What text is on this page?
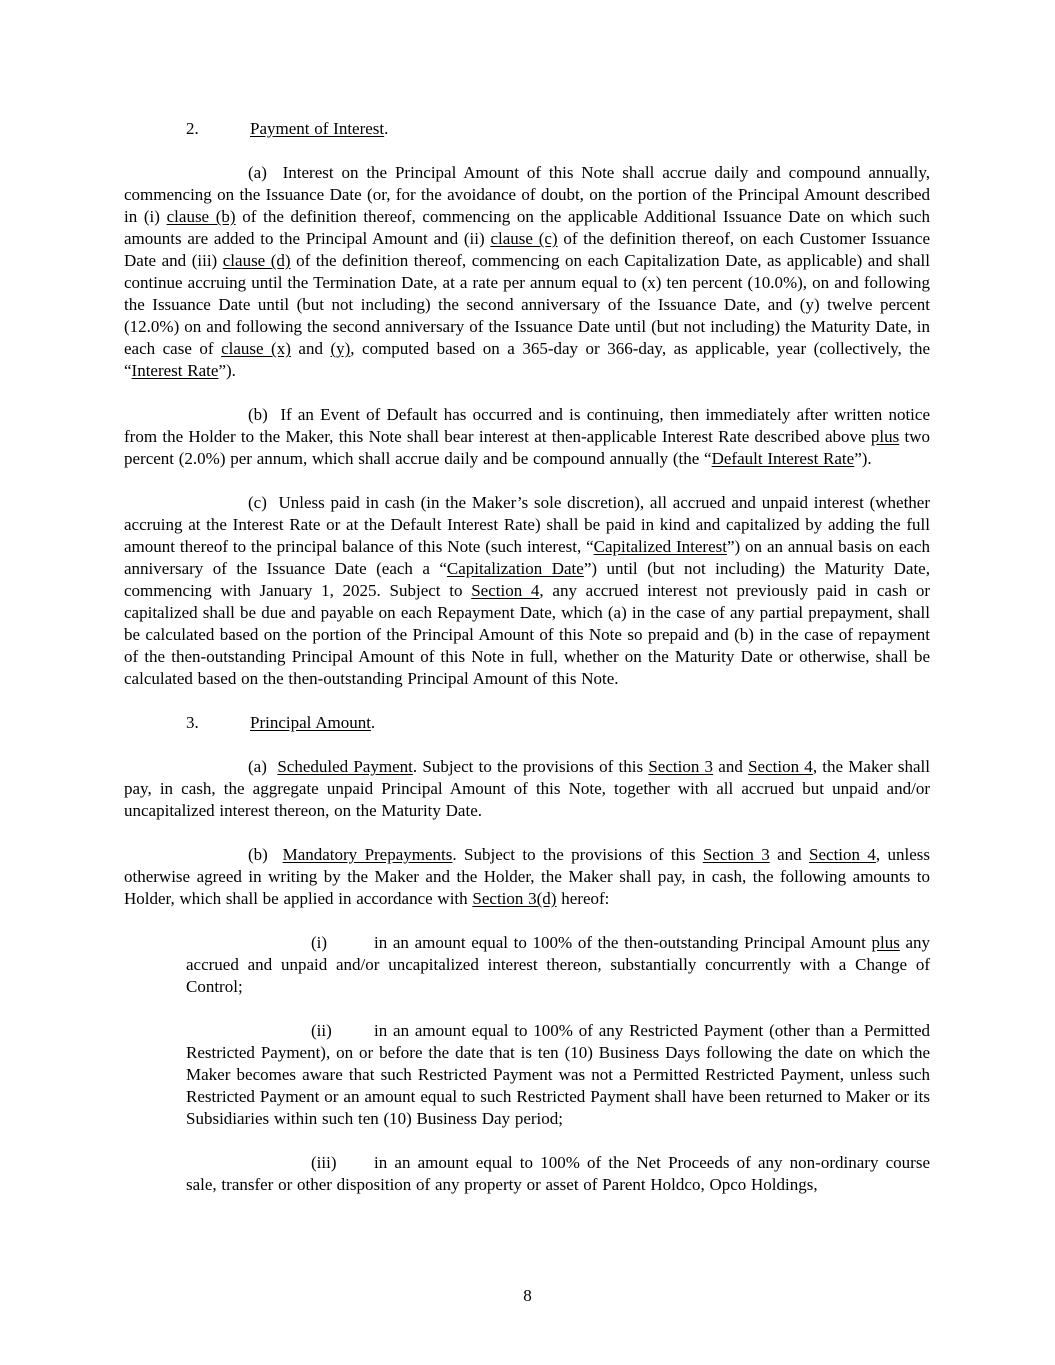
2.	Payment of Interest.

(a)  Interest on the Principal Amount of this Note shall accrue daily and compound annually, commencing on the Issuance Date (or, for the avoidance of doubt, on the portion of the Principal Amount described in (i) clause (b) of the definition thereof, commencing on the applicable Additional Issuance Date on which such amounts are added to the Principal Amount and (ii) clause (c) of the definition thereof, on each Customer Issuance Date and (iii) clause (d) of the definition thereof, commencing on each Capitalization Date, as applicable) and shall continue accruing until the Termination Date, at a rate per annum equal to (x) ten percent (10.0%), on and following the Issuance Date until (but not including) the second anniversary of the Issuance Date, and (y) twelve percent (12.0%) on and following the second anniversary of the Issuance Date until (but not including) the Maturity Date, in each case of clause (x) and (y), computed based on a 365-day or 366-day, as applicable, year (collectively, the “Interest Rate”).

(b)  If an Event of Default has occurred and is continuing, then immediately after written notice from the Holder to the Maker, this Note shall bear interest at then-applicable Interest Rate described above plus two percent (2.0%) per annum, which shall accrue daily and be compound annually (the “Default Interest Rate”).

(c)  Unless paid in cash (in the Maker’s sole discretion), all accrued and unpaid interest (whether accruing at the Interest Rate or at the Default Interest Rate) shall be paid in kind and capitalized by adding the full amount thereof to the principal balance of this Note (such interest, “Capitalized Interest”) on an annual basis on each anniversary of the Issuance Date (each a “Capitalization Date”) until (but not including) the Maturity Date, commencing with January 1, 2025. Subject to Section 4, any accrued interest not previously paid in cash or capitalized shall be due and payable on each Repayment Date, which (a) in the case of any partial prepayment, shall be calculated based on the portion of the Principal Amount of this Note so prepaid and (b) in the case of repayment of the then-outstanding Principal Amount of this Note in full, whether on the Maturity Date or otherwise, shall be calculated based on the then-outstanding Principal Amount of this Note.

3.	Principal Amount.

(a)  Scheduled Payment. Subject to the provisions of this Section 3 and Section 4, the Maker shall pay, in cash, the aggregate unpaid Principal Amount of this Note, together with all accrued but unpaid and/or uncapitalized interest thereon, on the Maturity Date.

(b)  Mandatory Prepayments. Subject to the provisions of this Section 3 and Section 4, unless otherwise agreed in writing by the Maker and the Holder, the Maker shall pay, in cash, the following amounts to Holder, which shall be applied in accordance with Section 3(d) hereof:

(i)	in an amount equal to 100% of the then-outstanding Principal Amount plus any accrued and unpaid and/or uncapitalized interest thereon, substantially concurrently with a Change of Control;

(ii) in an amount equal to 100% of any Restricted Payment (other than a Permitted Restricted Payment), on or before the date that is ten (10) Business Days following the date on which the Maker becomes aware that such Restricted Payment was not a Permitted Restricted Payment, unless such Restricted Payment or an amount equal to such Restricted Payment shall have been returned to Maker or its Subsidiaries within such ten (10) Business Day period;

(iii) in an amount equal to 100% of the Net Proceeds of any non-ordinary course sale, transfer or other disposition of any property or asset of Parent Holdco, Opco Holdings,

8
